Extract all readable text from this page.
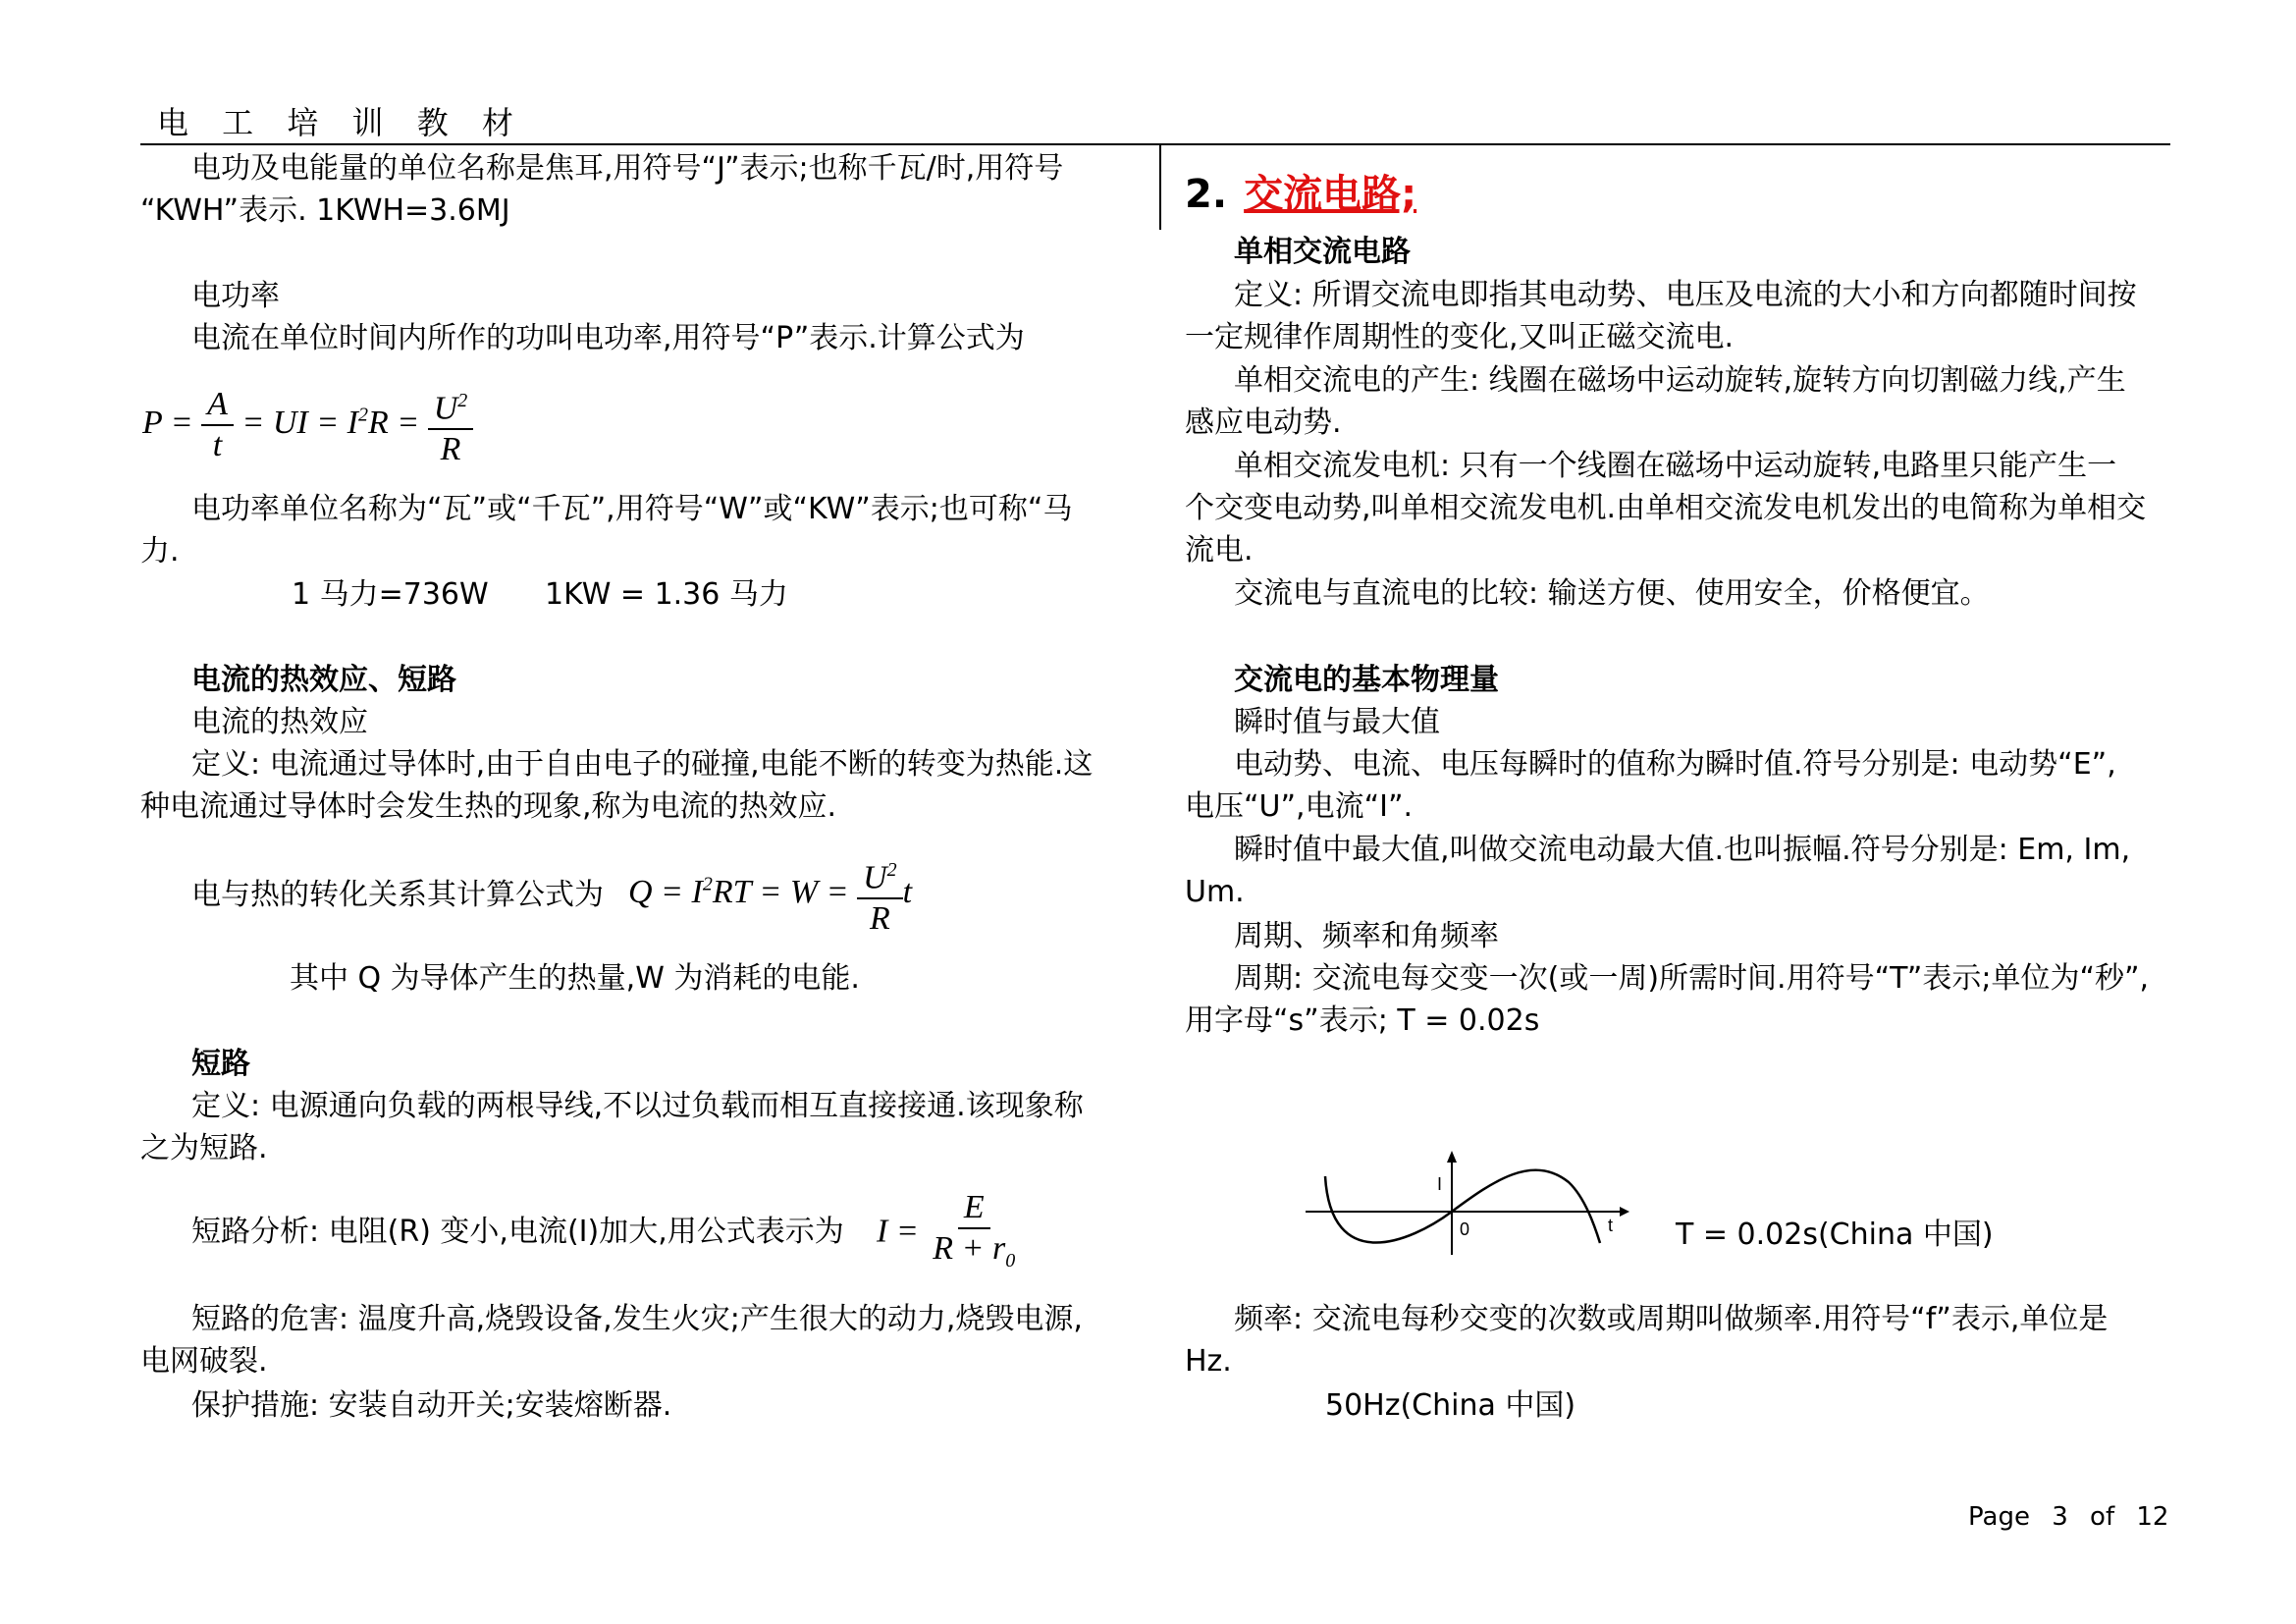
电 工 培 训 教 材
电功及电能量的单位名称是焦耳,用符号“J”表示;也称千瓦/时,用符号
“KWH”表示. 1KWH=3.6MJ
电功率
电流在单位时间内所作的功叫电功率,用符号“P”表示.计算公式为
$P = \frac{A}{t}$ = UI = $I^2R = \frac{U^2}{R}$
电功率单位名称为“瓦”或“千瓦”,用符号“W”或“KW”表示;也可称“马
力.
1 马力=736W 1KW = 1.36 马力
电流的热效应、短路
电流的热效应
定义: 电流通过导体时,由于自由电子的碰撞,电能不断的转变为热能.这
种电流通过导体时会发生热的现象,称为电流的热效应.
电与热的转化关系其计算公式为 $Q = I^2RT = W = \frac{U^2}{R}$ t
其中 Q 为导体产生的热量,W 为消耗的电能.
短路
定义: 电源通向负载的两根导线,不以过负载而相互直接接通.该现象称
之为短路.
短路分析: 电阻(R) 变小,电流(I)加大,用公式表示为 $I = \frac{E}{R + r_0}$
短路的危害: 温度升高,烧毁设备,发生火灾;产生很大的动力,烧毁电源,
电网破裂.
保护措施: 安装自动开关;安装熔断器.
2. 交流电路;
单相交流电路
定义: 所谓交流电即指其电动势、电压及电流的大小和方向都随时间按
一定规律作周期性的变化,又叫正磁交流电.
单相交流电的产生: 线圈在磁场中运动旋转,旋转方向切割磁力线,产生
感应电动势.
单相交流发电机: 只有一个线圈在磁场中运动旋转,电路里只能产生一
个交变电动势,叫单相交流发电机.由单相交流发电机发出的电简称为单相交
流电.
交流电与直流电的比较: 输送方便、使用安全，价格便宜。
交流电的基本物理量
瞬时值与最大值
电动势、电流、电压每瞬时的值称为瞬时值.符号分别是: 电动势“E”,
电压“U”,电流“I”.
瞬时值中最大值,叫做交流电动最大值.也叫振幅.符号分别是: Em, Im,
Um.
周期、频率和角频率
周期: 交流电每交变一次(或一周)所需时间.用符号“T”表示;单位为“秒”,
用字母“s”表示; T = 0.02s
I
0	t T = 0.02s(China 中国)
频率: 交流电每秒交变的次数或周期叫做频率.用符号“f”表示,单位是
Hz.
50Hz(China 中国)
Page 3 of 12
